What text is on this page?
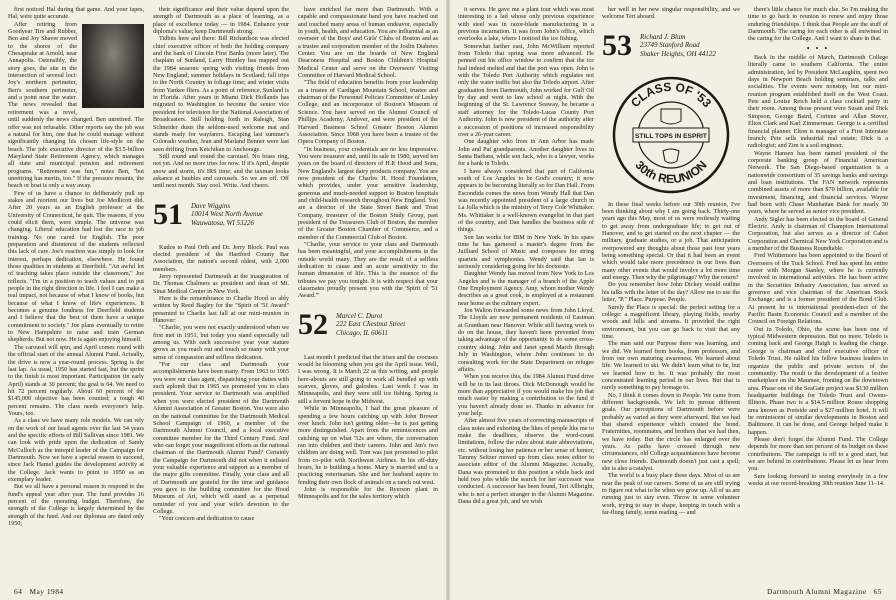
first noticed Hal during that game. And your tapes, Hal, were quite accurate.

After retiring from Goodyear Tire and Rubber, Ben and Joy Shaver moved to the shores of the Chesapeake at Arnold, near Annapolis. Ostensibly, the story goes, the site in the intersection of several loci: Joy's northern perimeter, Ben's southern perimeter, and a point near the water. The news revealed that retirement was a revel, until suddenly the news changed. Ben unretired. The offer was not refusable. Other reports say the job was a natural for him, one that he could manage without significantly changing his chosen life-style on the beach. The job: executive director of the $3.5-billion Maryland State Retirement Agency, which manages all state and municipal pension and retirement programs. "Retirement was fun," notes Ben, "but unretiring has merits, too." If the pressure mounts, the beach or boat is only a way away.

Few of us have a chance to deliberately pull up stakes and reorient our lives but Joe Medlicott did. After 20 years as an English professor at the University of Connecticut, he quit. The reasons, if you could elicit them, were simple. The universe was changing. Liberal education had lost the race to job training. No one cared for English. The poor preparation and disinterest of the students reflected this lack of care. Joe's reaction was simply to look for interest, perhaps dedication, elsewhere. He found those qualities in students at Deerfield. "An awful lot of teaching takes place outside the classroom," Joe reflects. "I'm in a position to teach values and to put people in the right direction in life. I feel I can make a real impact, not because of what I know of books, but because of what I know of life's experiences. It becomes a genuine fondness for Deerfield students and I believe that the best of them have a unique commitment to society." Joe plans eventually to retire to New Hampshire to raise and train German shepherds. But not now. He is again enjoying himself.

The carousel will spin, and April comes round with the official start of the annual Alumni Fund. Actually, the drive is now a year-round process. Spring is the last lap. As usual, 1950 has started fast, but the sprint to the finish is most important. Participation (in early April) stands at 30 percent; the goal is 64. We need to hit 72 percent regularly. About 60 percent of the $145,000 objective has been counted; a tough 40 percent remains. The class needs everyone's help. Yours, too.

As a class we have many role models. We can rely on the work of our head agents over the last 34 years and the specific efforts of Bill Sullivan since 1981. We can look with pride upon the dedication of Sandy McCulloch as the intrepid leader of the Campaign for Dartmouth. Now we have a special reason to succeed, since Jack Hamel guides the development activity at the College. Jack wants to point to 1950 as an exemplary leader.

But we all have a personal reason to respond to the fund's appeal year after year. The fund provides 16 percent of the operating budget. Therefore, the strength of the College is largely determined by the strength of the fund. And our diplomas are dated only 1950;

their significance and their value depend upon the strength of Dartmouth as a place of learning, as a place of excellence today — in 1984. Enhance your diploma's value; keep Dartmouth strong.

Tidbits here and there: Bill Richardson was elected chief executive officer of both the holding company and the bank of Lincoln First Banks (more later). The chaplain of Sunland, Larry Huntley has mapped out the 1984 seasons: spring with visiting friends from New England; summer holidays in Scotland; fall trips to the North Country in foliage time; and winter visits from Yankee fliers. As a point of reference, Sunland is in Florida. After years in Miami Dick Hollands has migrated to Washington to become the senior vice president for television for the National Association of Broadcasters. Still holding forth in Raleigh, Stan Schneider dusts the seldom-used welcome mat and stands ready for wayfarers. Escaping last summer's Colorado weather, Jean and Marland Benner were last seen drifting from Ketchikan to Anchorage.

Still round and round the carousel. No brass ring, not yet. And no more tries for now. If it's April, despite snow and storm, it's IRS time; and the taxman looks askance at baubles and carousels. So we are off. Off until next month. Stay cool. Write. And cheers.

51 Dave Wiggins
10014 West North Avenue
Wauwatosa, WI 53226

Kudos to Paul Orth and Dr. Jerry Block. Paul was elected president of the Hartford County Bar Association, the nation's second oldest, with 2,000 members.

Jerry represented Dartmouth at the inauguration of Dr. Thomas Chalmers as president and dean of Mt. Sinai Medical Center in New York.

Here is the remembrance to Charlie Hood so ably written by Reed Bagley for the "Spirit of '51 Award" presented to Charlie last fall at our mini-reunion in Hanover:

"Charlie, you were not exactly understood when we first met in 1951, but today you stand especially tall among us. With each successive year your stature grows as you reach out and touch so many with your sense of compassion and selfless dedication.

"For our class and Dartmouth your accomplishments have been many. From 1963 to 1965 you were our class agent, dispatching your duties with such aplomb that in 1965 we promoted you to class president. Your service to Dartmouth was amplified when you were elected president of the Dartmouth Alumni Association of Greater Boston. You were also on the national committee for the Dartmouth Medical School Campaign of 1960, a member of the Dartmouth Alumni Council, and a local executive committee member for the Third Century Fund. And who can forget your magnificent efforts as the national chairman of the Dartmouth Alumni Fund? Certainly the Campaign for Dartmouth did not when it enlisted your valuable experience and support as a member of the major gifts committee. Finally, your class and all of Dartmouth are grateful for the time and guidance you gave to the building committee for the Hood Museum of Art, which will stand as a perpetual reminder of you and your wife's devotion to the College.

"Your concern and dedication to cause

have enriched far more than Dartmouth. With a capable and compassionate hand you have reached out and touched many areas of human endeavor, especially in youth, health, and education. You are influential as an overseer of the Boys' and Girls' Clubs of Boston and as a trustee and corporation member of the Joslin Diabetes Center. You are on the boards of New England Deaconess Hospital and Boston Children's Hospital Medical Center and serve on the Overseers' Visiting Committee of Harvard Medical School.

"The field of education benefits from your leadership as a trustee of Cardigan Mountain School, trustee and chairman of the Personnel Policies Committee of Lesley College, and an incorporator of Boston's Museum of Science. You have served on the Alumni Council of Phillips Academy, Andover, and were president of the Harvard Business School Greater Boston Alumni Association. Since 1968 you have been a trustee of the Opera Company of Boston.

"In business, your credentials are no less impressive. You were treasurer and, until its sale in 1980, served ten years on the board of directors of H.P. Hood and Sons, New England's largest dairy products company. You are now president of the Charles H. Hood Foundation, which provides, under your sensitive leadership, generous and much-needed support to Boston hospitals and child-health research throughout New England. You are a director of the State Street Bank and Trust Company, treasurer of the Boston Study Group, past president of the Treasurers Club of Boston, the member of the Greater Boston Chamber of Commerce, and a member of the Commercial Club of Boston.

"Charlie, your service to your class and Dartmouth has been meaningful, and your accomplishments in the outside world many. They are the result of a selfless dedication to cause and an acute sensitivity to the human dimension of life. This is the essence of the tributes we pay you tonight. It is with respect that your classmates proudly present you with the 'Spirit of '51 Award.'"

52 Marcel C. Durot
222 East Chestnut Street
Chicago, IL 60611

Last month I predicted that the irises and the crocuses would be blooming when you got the April issue. Well, I was wrong. It is March 22 as this writing, and people here-abouts are still going to work all bundled up with scarves, gloves, and galoshes. Last week I was in Minneapolis, and they were still ice fishing. Spring is still a fervent hope in the Midwest.

While in Minneapolis, I had the great pleasure of spending a few hours catching up with John Brower over lunch. John isn't getting older—he is just getting more distinguished. Apart from the reminiscences and catching up on what '52s are where, the conversation ran into children and their careers. John and Jan's two children are doing well. Tom was just promoted to pilot from co-pilot with Northwest Airlines. In his off-duty hours, he is building a home. Mary is married and is a practicing veterinarian. She and her husband aspire to fending their own flock of animals on a ranch out west.

John is responsible for the Ryerson plant in Minneapolis and for the sales territory which

64 May 1984

it serves. He gave me a plant tour which was most interesting to a lad whose only previous experience with steel was in razor-blade manufacturing in a previous incarnation. It was from John's office, which overlooks a lake, where I noticed the ice fishing.

Somewhat farther east, John McWilliam reported from Toledo that spring was more advanced. He penned out his office window to confirm that the ice had indeed melted and that the port was open. John is with the Toledo Port Authority which regulates not only the water traffic but also the Toledo airport. After graduation from Dartmouth, John worked for Gulf Oil by day and went to law school at night. With the beginning of the St. Lawrence Seaway, he became a staff attorney for the Toledo-Lucas County Port Authority. John is now president of the authority after a succession of positions of increased responsibility over a 26-year career.

One daughter who lives in Ann Arbor has made John and Pat grandparents. Another daughter lives in Santa Barbara, while son Jack, who is a lawyer, works for a bank in Toledo.

I have always considered that part of California south of Los Angeles to be God's country; it now appears to be becoming literally so for Dan Hall. From Escondida comes the news from Wendy Hall that Dan was recently appointed president of a large church in La Jolla which is the ministry of Terry Cole Whittaker. Ms. Whittaker is a well-known evangelist in that part of the country, and Dan handles the business side of things.

Son Ian works for IBM in New York. In his spare time he has garnered a master's degree from the Juilliard School of Music and composes for string quartets and symphonies. Wendy said that Ian is seriously considering going for his doctorate.

Daughter Wendy has moved from New York to Los Angeles and is the manager of a branch of the Apple One Employment Agency. Amy, whom mother Wendy describes as a great cook, is employed at a restaurant near home as the culinary expert.

Jon Walton forwarded some news from John Lloyd. The Lloyds are now permanent residents of Eastman at Grantham near Hanover. While still having work to do on the house, they haven't been prevented from taking advantage of the opportunity to do some cross-country skiing. John and Janet spend March through July in Washington, where John continues to do consulting work for the State Department on refugee affairs.

When you receive this, the 1984 Alumni Fund drive will be in its last throes. Dick McDonough would be more than appreciative if you would make his job that much easier by making a contribution to the fund if you haven't already done so. Thanks in advance for your help.

After almost five years of correcting manuscripts of class notes and exhorting the likes of people like me to make the deadlines, observe the word-count limitations, follow the rules about state abbreviations, etc. without losing her patience or her sense of humor, Tammy Seltzer moved up from class notes editor to associate editor of the Alumni Magazine. Actually, Dana was promoted to this position a while back and held two jobs while the search for her successor was conducted. A successor has been found, Teri Allbright, who is not a perfect stranger to the Alumni Magazine. Dana did a great job, and we wish

her well in her new singular responsibility, and we welcome Teri aboard.

53 Richard J. Blum
23749 Stanford Road
Shaker Heights, OH 44122
CLASS OF '53
30th REUNION
STILL TOPS IN ESPRIT

In these final weeks before our 30th reunion, I've been thinking about why I am going back. Thirty-one years ago this May, most of us were restlessly waiting to get away from undergraduate life; to get out of Hanover, and to get started on the next chapter — the military, graduate studies, or a job. That anticipation overpowered any thoughts about those past four years being something special. Or that it had been an event which would take more precedence in our lives than many other events that would involve a lot more time and energy. Then why the pilgrimage? Why the return?

Do you remember how John Dickey would outline his talks with the letter of the day? Allow me to use the letter, "P." Place. Purpose. People.

Surely the Place is special: the perfect setting for a college: a magnificent library, playing fields, nearby woods and hills and streams. It provided the right environment, but you can go back to visit that any time.

The man said our Purpose there was learning, and we did. We learned from books, from professors, and from our own maturing awareness. We learned about life. We learned to ski. We didn't learn what to be, but we learned how to be. It was probably the most concentrated learning period in our lives. But that is rarely something to pay homage to.

No, I think it comes down to People. We came from different backgrounds. We left to pursue different goals. Our perceptions of Dartmouth before were probably as varied as they were afterward. But we had that shared experience which created the bond. Fraternities, roommates, and brothers that we had then, we have today. But the circle has enlarged over the years. As paths have crossed through new circumstances, old College acquaintances have become new close friends. Dartmouth doesn't just cast a spell; she is also a catalyst.

The world is a busy place these days. Most of us are near the peak of our careers. Some of us are still trying to figure out what to be when we grow up. All of us are running just to stay even. Throw in some volunteer work, trying to stay in shape, keeping in touch with a far-flung family, some reading — and

there's little chance for much else. So I'm making the time to go back to reunion to renew and enjoy those enduring friendships. I think that People are the stuff of Dartmouth. The caring for each other is all entwined in the caring for the College. And I want to share in that.

• • •

Back in the middle of March, Dartmouth College literally came to southern California. The entire administration, led by President McLaughlin, spent two days in Newport Beach holding seminars, talks and socialities. The events were nonstop, but our mini-reunion program established itself on the West Coast. Pete and Louise Reich held a class cocktail party in their room. Among those present were Susan and Dick Simpson, George Baird, Corinne and Allan Stover, Elton Clark and Karl Zimmerman. George is a certified financial planner. Elton is manager of a First Interstate branch; Pete sells industrial real estate; Dick is a radiologist; and Zim is a soil engineer.

Wayne Hansen has been named president of the corporate banking group of Financial American Network. The San Diego-based organization is a nationwide consortium of 35 savings banks and savings and loan institutions. The FAN network represents combined assets of more than $70 billion, available for investment, financing, and financial services. Wayne had been with Chase Manhattan Bank for nearly 30 years, where he served as senior vice president.

Andy Sigler has been elected to the board of General Electric. Andy is chairman of Champion International Corporation, but also serves as a director of Cabot Corporation and Chemical New York Corporation and is a member of the Business Roundtable.

Fred Whittemore has been appointed to the Board of Overseers of the Tuck School. Fred has spent his entire career with Morgan Stanley, where he is currently involved in international activities. He has been active in the Securities Industry Association, has served as governor and vice chairman of the American Stock Exchange; and is a former president of the Bond Club. At present he is international president-elect of the Pacific Basin Economic Council and a member of the Council on Foreign Relations.

Out in Toledo, Ohio, the scene has been one of typical Midwestern depression. But no more. Toledo is coming back and George Haigh is leading the charge. George is chairman and chief executive officer of Toledo Trust. He rallied his fellow business leaders to organize the public and private sectors of the community. The result is the development of a festive marketplace on the Maumee, fronting on the downtown area. Phase one of the SeaGate project was $130 million headquarter buildings for Toledo Trust and Owens-Illinois. Phase two is a $14.5-million Rouse shopping area known as Portside and a $27-million hotel. It will be reminiscent of similar developments in Boston and Baltimore. It can be done, and George helped make it happen.

Please don't forget the Alumni Fund. The College depends for more than ten percent of its budget on these contributions. The campaign is off to a good start, but we are behind in contributions. Please let us hear from you.

Sure looking forward to seeing everybody in a few weeks at our record-breaking 30th reunion June 11–14.

Dartmouth Alumni Magazine 65
